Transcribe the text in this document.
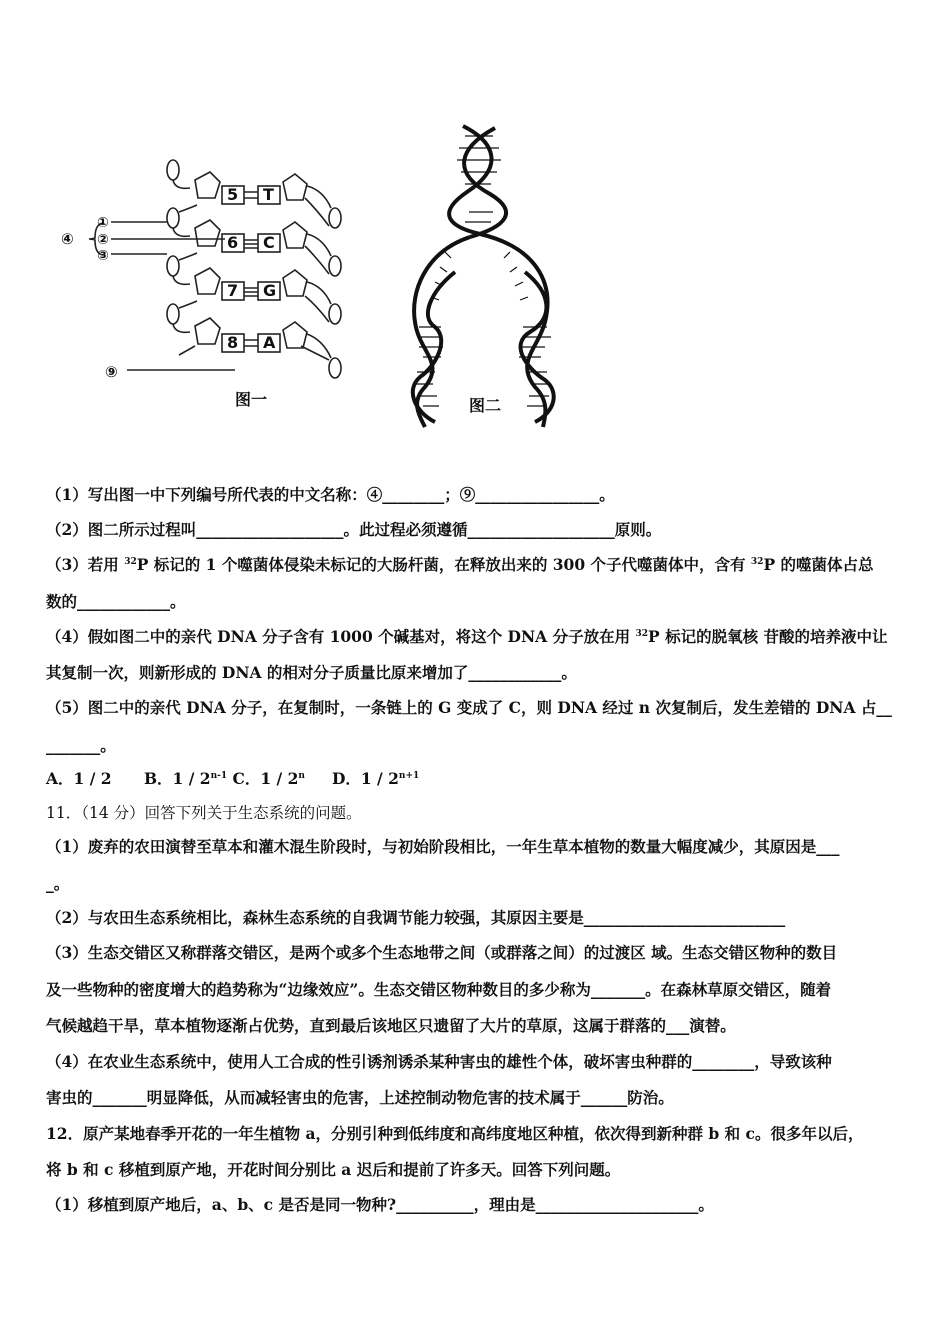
5 T
6 C
7 G
8 A
①
②
③
④
⑨
图一	图二
（1）写出图一中下列编号所代表的中文名称：④________；⑨________________。
（2）图二所示过程叫___________________。此过程必须遵循___________________原则。
（3）若用 $^{32}$P 标记的 1 个噬菌体侵染未标记的大肠杆菌，在释放出来的 300 个子代噬菌体中，含有 $^{32}$P 的噬菌体占总
数的____________。
（4）假如图二中的亲代 DNA 分子含有 1000 个碱基对，将这个 DNA 分子放在用 $^{32}$P 标记的脱氧核 苷酸的培养液中让
其复制一次，则新形成的 DNA 的相对分子质量比原来增加了____________。
（5）图二中的亲代 DNA 分子，在复制时，一条链上的 G 变成了 C，则 DNA 经过 n 次复制后，发生差错的 DNA 占__
_______。
A．1 / 2 B．1 / 2$^{n-1}$ C．1 / 2$^n$ D．$1 / 2^{n+1}$
11．（14 分）回答下列关于生态系统的问题。
（1）废弃的农田演替至草本和灌木混生阶段时，与初始阶段相比，一年生草本植物的数量大幅度减少，其原因是___
_。
（2）与农田生态系统相比，森林生态系统的自我调节能力较强，其原因主要是__________________________
（3）生态交错区又称群落交错区，是两个或多个生态地带之间（或群落之间）的过渡区 域。生态交错区物种的数目
及一些物种的密度增大的趋势称为“边缘效应”。生态交错区物种数目的多少称为_______。在森林草原交错区，随着
气候越趋干旱，草本植物逐渐占优势，直到最后该地区只遗留了大片的草原，这属于群落的___演替。
（4）在农业生态系统中，使用人工合成的性引诱剂诱杀某种害虫的雄性个体，破坏害虫种群的________，导致该种
害虫的_______明显降低，从而减轻害虫的危害，上述控制动物危害的技术属于______防治。
12．原产某地春季开花的一年生植物 a，分别引种到低纬度和高纬度地区种植，依次得到新种群 b 和 c。很多年以后，
将 b 和 c 移植到原产地，开花时间分别比 a 迟后和提前了许多天。回答下列问题。
（1）移植到原产地后，a、b、c 是否是同一物种?__________，理由是_____________________。
